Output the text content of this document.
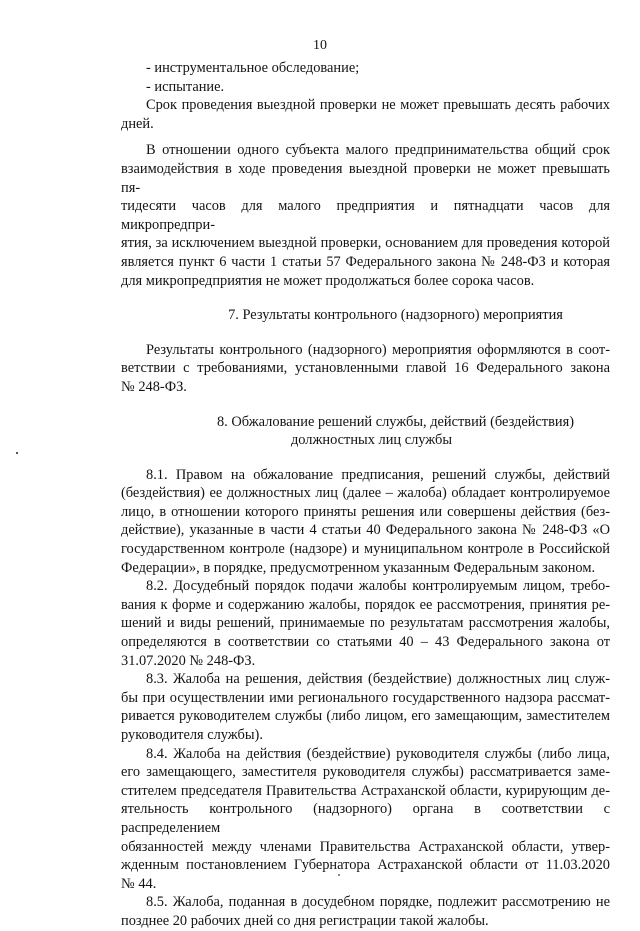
10
- инструментальное обследование;
- испытание.
Срок проведения выездной проверки не может превышать десять рабочих
дней.
В отношении одного субъекта малого предпринимательства общий срок
взаимодействия в ходе проведения выездной проверки не может превышать пя-
тидесяти часов для малого предприятия и пятнадцати часов для микропредпри-
ятия, за исключением выездной проверки, основанием для проведения которой
является пункт 6 части 1 статьи 57 Федерального закона № 248-ФЗ и которая
для микропредприятия не может продолжаться более сорока часов.
7. Результаты контрольного (надзорного) мероприятия
Результаты контрольного (надзорного) мероприятия оформляются в соот-
ветствии с требованиями, установленными главой 16 Федерального закона
№ 248-ФЗ.
8. Обжалование решений службы, действий (бездействия)
должностных лиц службы
8.1. Правом на обжалование предписания, решений службы, действий
(бездействия) ее должностных лиц (далее – жалоба) обладает контролируемое
лицо, в отношении которого приняты решения или совершены действия (без-
действие), указанные в части 4 статьи 40 Федерального закона № 248-ФЗ «О
государственном контроле (надзоре) и муниципальном контроле в Российской
Федерации», в порядке, предусмотренном указанным Федеральным законом.
8.2. Досудебный порядок подачи жалобы контролируемым лицом, требо-
вания к форме и содержанию жалобы, порядок ее рассмотрения, принятия ре-
шений и виды решений, принимаемые по результатам рассмотрения жалобы,
определяются в соответствии со статьями 40 – 43 Федерального закона от
31.07.2020 № 248-ФЗ.
8.3. Жалоба на решения, действия (бездействие) должностных лиц служ-
бы при осуществлении ими регионального государственного надзора рассмат-
ривается руководителем службы (либо лицом, его замещающим, заместителем
руководителя службы).
8.4. Жалоба на действия (бездействие) руководителя службы (либо лица,
его замещающего, заместителя руководителя службы) рассматривается заме-
стителем председателя Правительства Астраханской области, курирующим де-
ятельность контрольного (надзорного) органа в соответствии с распределением
обязанностей между членами Правительства Астраханской области, утвер-
жденным постановлением Губернатора Астраханской области от 11.03.2020
№ 44.
8.5. Жалоба, поданная в досудебном порядке, подлежит рассмотрению не
позднее 20 рабочих дней со дня регистрации такой жалобы.
